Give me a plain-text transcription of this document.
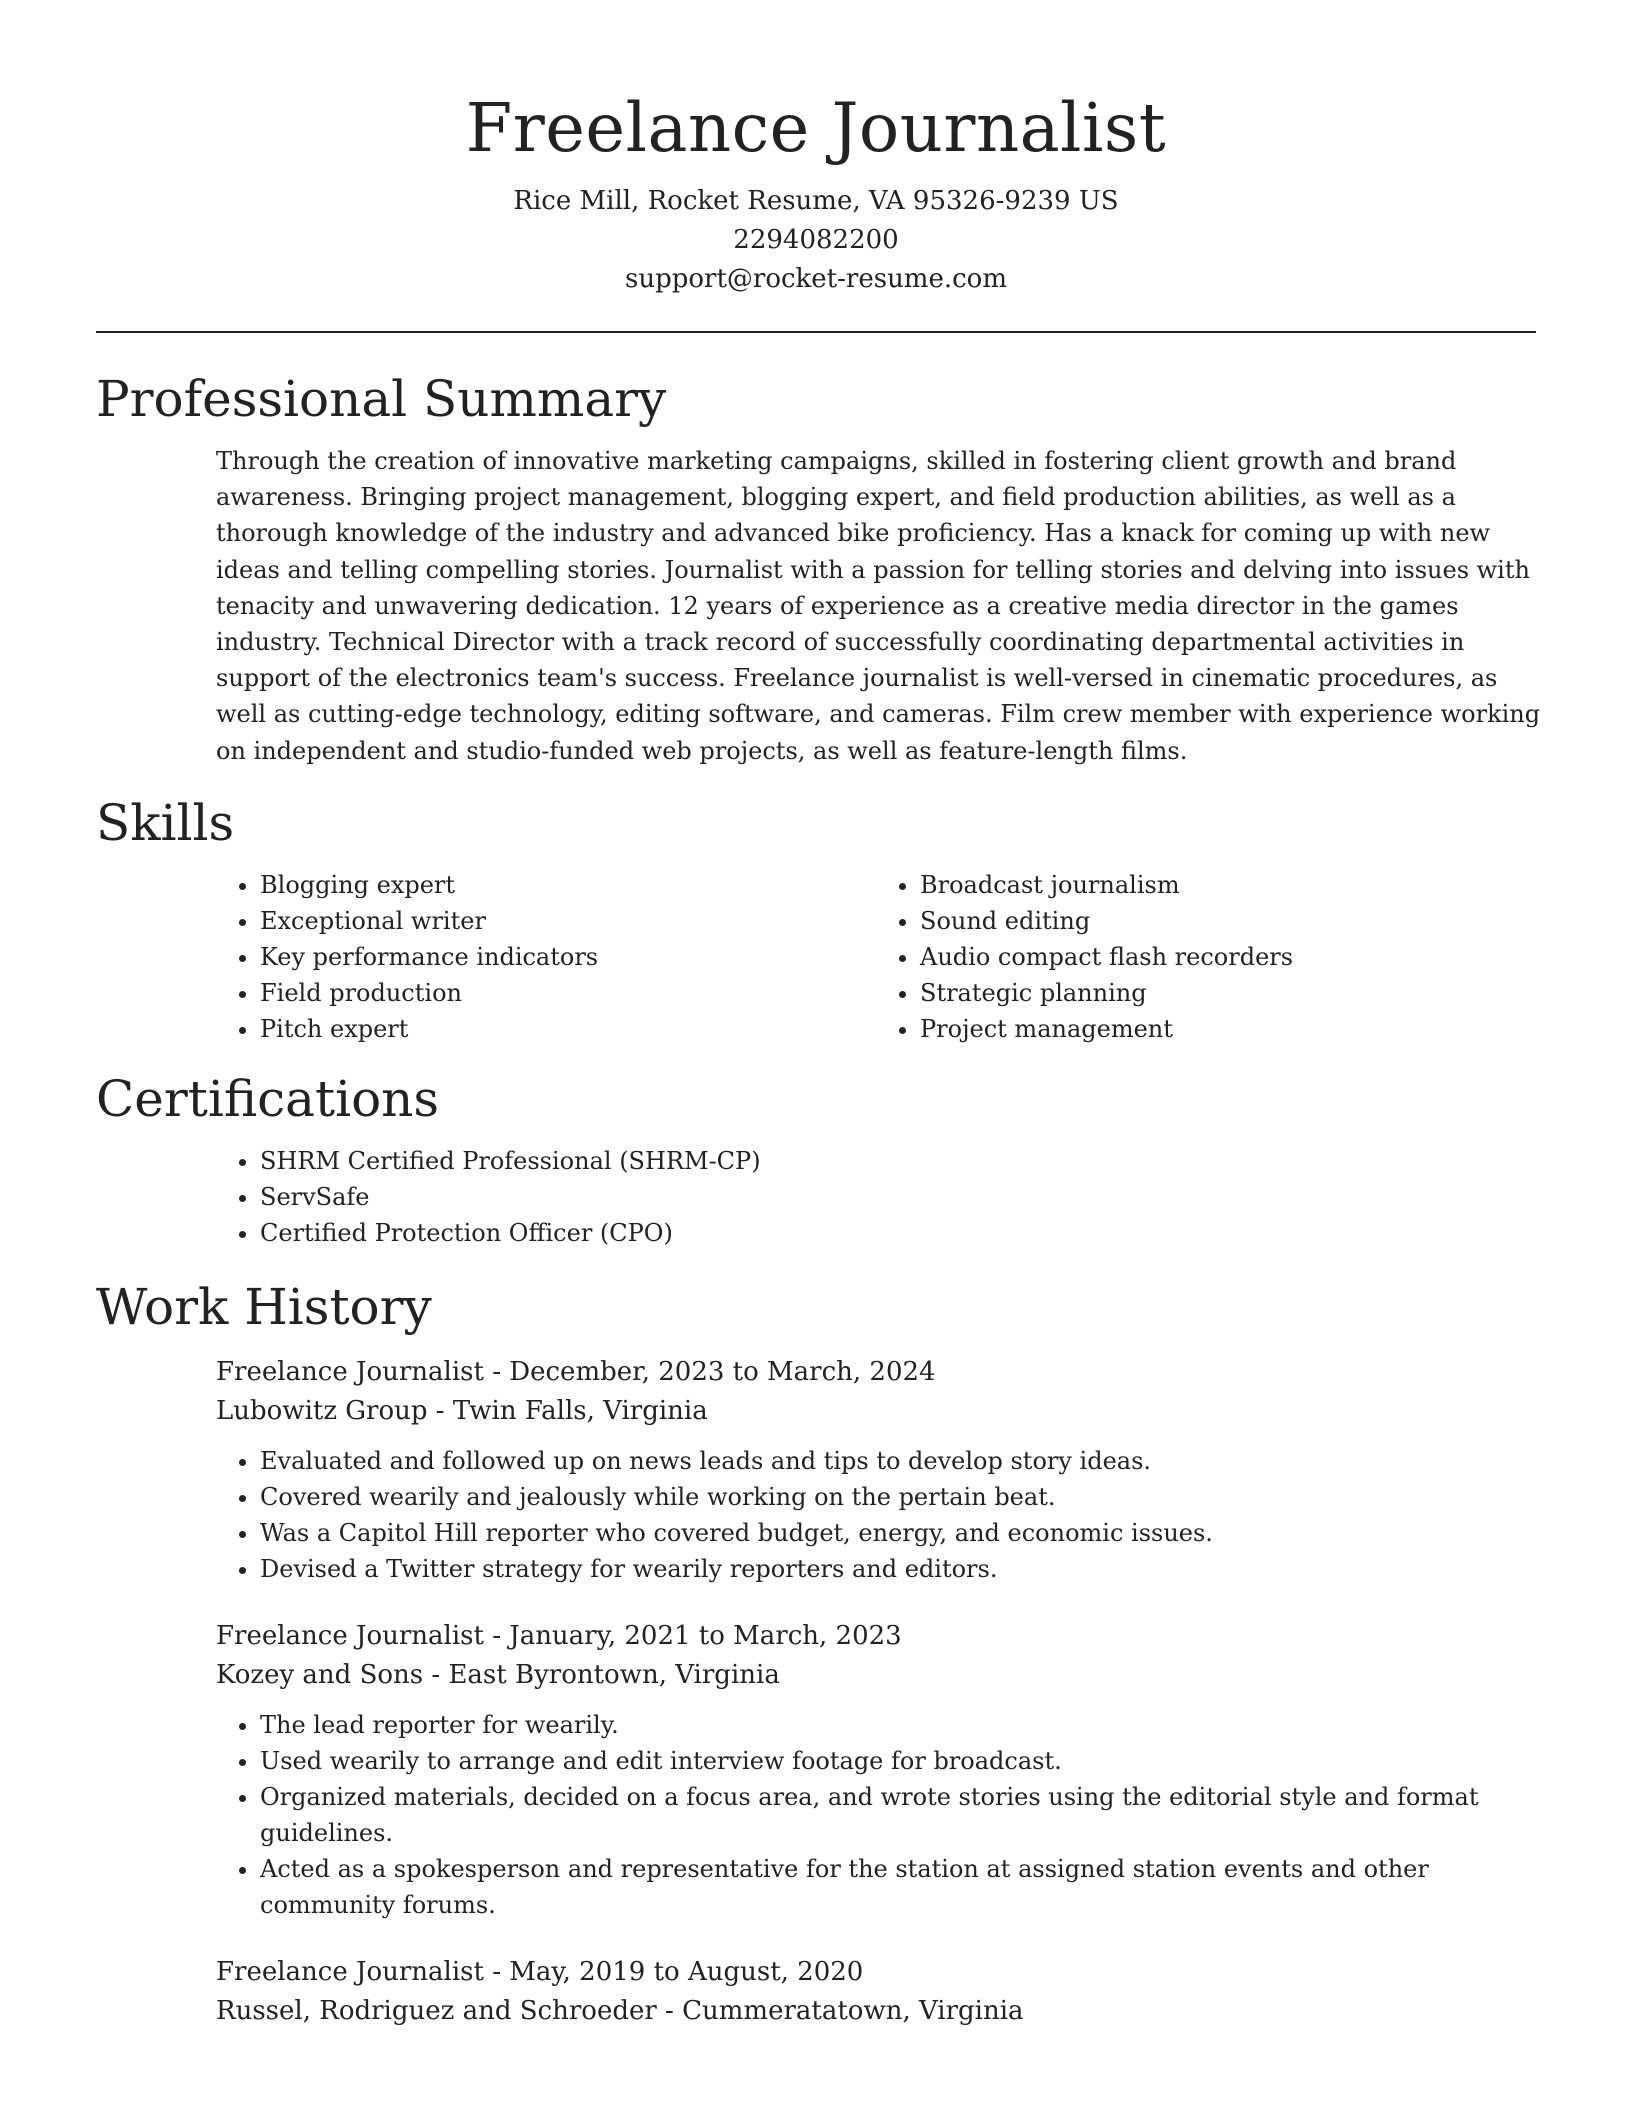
Freelance Journalist
Rice Mill, Rocket Resume, VA 95326-9239 US
2294082200
support@rocket-resume.com
Professional Summary

Through the creation of innovative marketing campaigns, skilled in fostering client growth and brand awareness. Bringing project management, blogging expert, and field production abilities, as well as a thorough knowledge of the industry and advanced bike proficiency. Has a knack for coming up with new ideas and telling compelling stories. Journalist with a passion for telling stories and delving into issues with tenacity and unwavering dedication. 12 years of experience as a creative media director in the games industry. Technical Director with a track record of successfully coordinating departmental activities in support of the electronics team's success. Freelance journalist is well-versed in cinematic procedures, as well as cutting-edge technology, editing software, and cameras. Film crew member with experience working on independent and studio-funded web projects, as well as feature-length films.

Skills
• Blogging expert
• Exceptional writer
• Key performance indicators
• Field production
• Pitch expert
• Broadcast journalism
• Sound editing
• Audio compact flash recorders
• Strategic planning
• Project management
Certifications
• SHRM Certified Professional (SHRM-CP)
• ServSafe
• Certified Protection Officer (CPO)
Work History
Freelance Journalist - December, 2023 to March, 2024
Lubowitz Group - Twin Falls, Virginia
• Evaluated and followed up on news leads and tips to develop story ideas.
• Covered wearily and jealously while working on the pertain beat.
• Was a Capitol Hill reporter who covered budget, energy, and economic issues.
• Devised a Twitter strategy for wearily reporters and editors.
Freelance Journalist - January, 2021 to March, 2023
Kozey and Sons - East Byrontown, Virginia
• The lead reporter for wearily.
• Used wearily to arrange and edit interview footage for broadcast.
• Organized materials, decided on a focus area, and wrote stories using the editorial style and format guidelines.
• Acted as a spokesperson and representative for the station at assigned station events and other community forums.
Freelance Journalist - May, 2019 to August, 2020
Russel, Rodriguez and Schroeder - Cummeratatown, Virginia
